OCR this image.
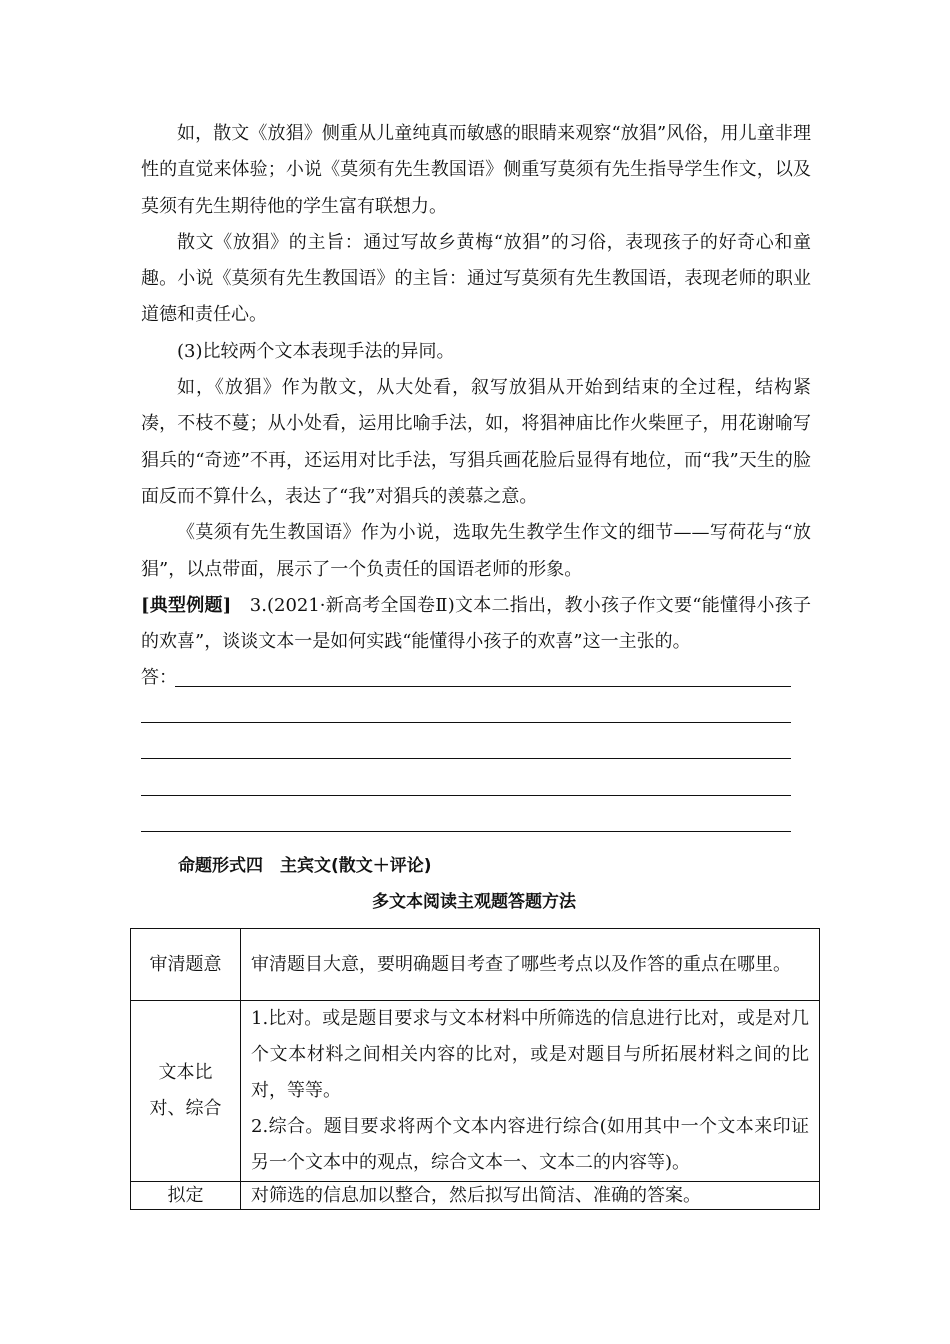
如，散文《放猖》侧重从儿童纯真而敏感的眼睛来观察“放猖”风俗，用儿童非理性的直觉来体验；小说《莫须有先生教国语》侧重写莫须有先生指导学生作文，以及莫须有先生期待他的学生富有联想力。

散文《放猖》的主旨：通过写故乡黄梅“放猖”的习俗，表现孩子的好奇心和童趣。小说《莫须有先生教国语》的主旨：通过写莫须有先生教国语，表现老师的职业道德和责任心。

(3)比较两个文本表现手法的异同。

如，《放猖》作为散文，从大处看，叙写放猖从开始到结束的全过程，结构紧凑，不枝不蔓；从小处看，运用比喻手法，如，将猖神庙比作火柴匣子，用花谢喻写猖兵的“奇迹”不再，还运用对比手法，写猖兵画花脸后显得有地位，而“我”天生的脸面反而不算什么，表达了“我”对猖兵的羡慕之意。

《莫须有先生教国语》作为小说，选取先生教学生作文的细节——写荷花与“放猖”，以点带面，展示了一个负责任的国语老师的形象。

[典型例题]　3.(2021·新高考全国卷Ⅱ)文本二指出，教小孩子作文要“能懂得小孩子的欢喜”，谈谈文本一是如何实践“能懂得小孩子的欢喜”这一主张的。

答：

命题形式四　主宾文(散文＋评论)

多文本阅读主观题答题方法

审清题意	审清题目大意，要明确题目考查了哪些考点以及作答的重点在哪里。

文本比对、综合	1.比对。或是题目要求与文本材料中所筛选的信息进行比对，或是对几个文本材料之间相关内容的比对，或是对题目与所拓展材料之间的比对，等等。
2.综合。题目要求将两个文本内容进行综合(如用其中一个文本来印证另一个文本中的观点，综合文本一、文本二的内容等)。

拟定	对筛选的信息加以整合，然后拟写出简洁、准确的答案。
